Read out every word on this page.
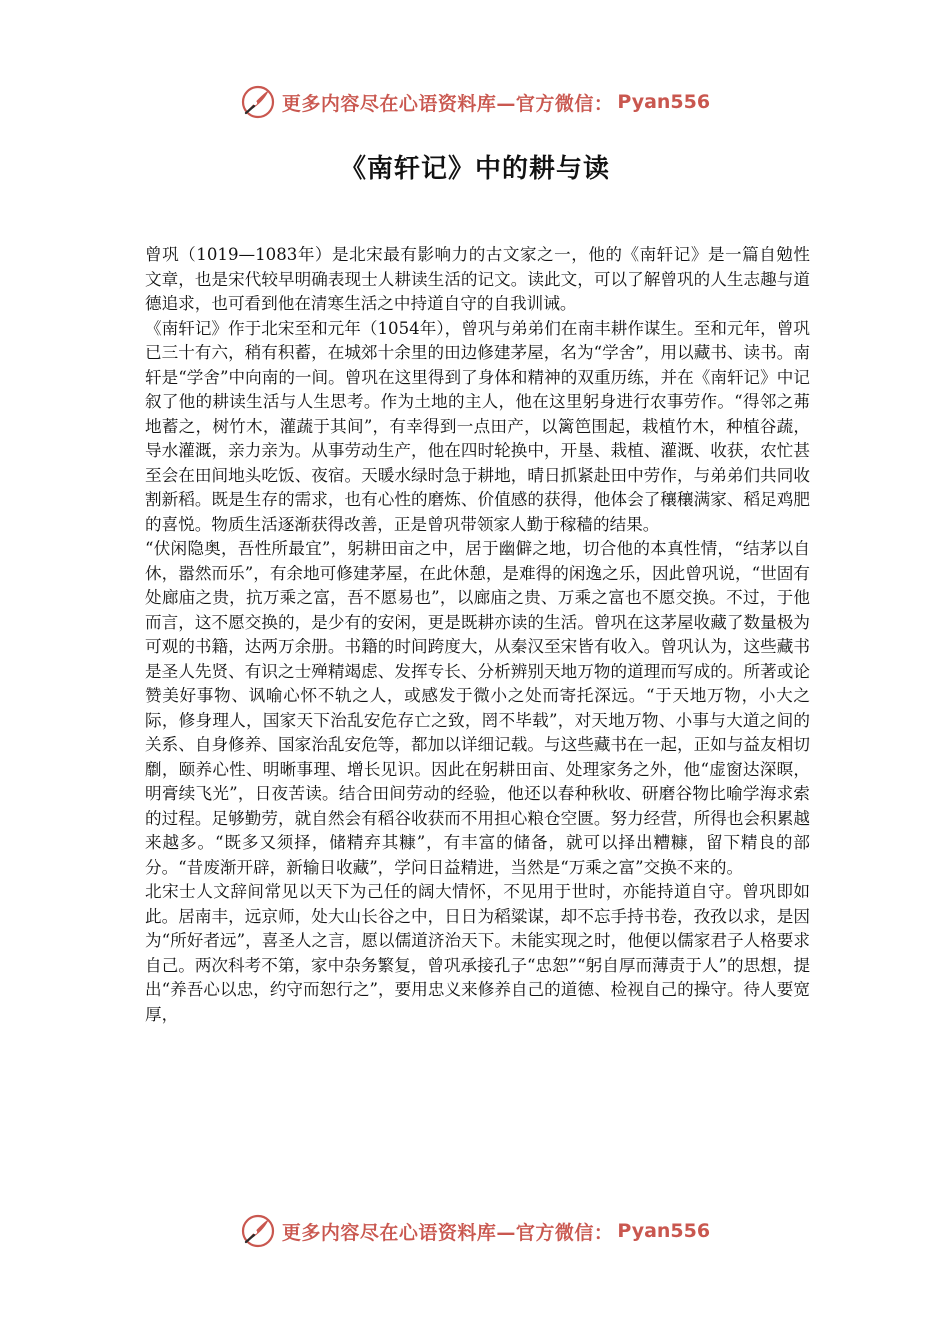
更多内容尽在心语资料库—官方微信： Pyan556
《南轩记》中的耕与读

曾巩（1019—1083年）是北宋最有影响力的古文家之一，他的《南轩记》是一篇自勉性文章，也是宋代较早明确表现士人耕读生活的记文。读此文，可以了解曾巩的人生志趣与道德追求，也可看到他在清寒生活之中持道自守的自我训诫。

《南轩记》作于北宋至和元年（1054年），曾巩与弟弟们在南丰耕作谋生。至和元年，曾巩已三十有六，稍有积蓄，在城郊十余里的田边修建茅屋，名为“学舍”，用以藏书、读书。南轩是“学舍”中向南的一间。曾巩在这里得到了身体和精神的双重历练，并在《南轩记》中记叙了他的耕读生活与人生思考。作为土地的主人，他在这里躬身进行农事劳作。“得邻之茀地蓄之，树竹木，灌蔬于其间”，有幸得到一点田产，以篱笆围起，栽植竹木，种植谷蔬，导水灌溉，亲力亲为。从事劳动生产，他在四时轮换中，开垦、栽植、灌溉、收获，农忙甚至会在田间地头吃饭、夜宿。天暖水绿时急于耕地，晴日抓紧赴田中劳作，与弟弟们共同收割新稻。既是生存的需求，也有心性的磨炼、价值感的获得，他体会了穰穰满家、稻足鸡肥的喜悦。物质生活逐渐获得改善，正是曾巩带领家人勤于稼穑的结果。

“伏闲隐奥，吾性所最宜”，躬耕田亩之中，居于幽僻之地，切合他的本真性情，“结茅以自休，嚣然而乐”，有余地可修建茅屋，在此休憩，是难得的闲逸之乐，因此曾巩说，“世固有处廊庙之贵，抗万乘之富，吾不愿易也”，以廊庙之贵、万乘之富也不愿交换。不过，于他而言，这不愿交换的，是少有的安闲，更是既耕亦读的生活。曾巩在这茅屋收藏了数量极为可观的书籍，达两万余册。书籍的时间跨度大，从秦汉至宋皆有收入。曾巩认为，这些藏书是圣人先贤、有识之士殚精竭虑、发挥专长、分析辨别天地万物的道理而写成的。所著或论赞美好事物、讽喻心怀不轨之人，或感发于微小之处而寄托深远。“于天地万物，小大之际，修身理人，国家天下治乱安危存亡之致，罔不毕载”，对天地万物、小事与大道之间的关系、自身修养、国家治乱安危等，都加以详细记载。与这些藏书在一起，正如与益友相切劘，颐养心性、明晰事理、增长见识。因此在躬耕田亩、处理家务之外，他“虚窗达深暝，明膏续飞光”，日夜苦读。结合田间劳动的经验，他还以春种秋收、研磨谷物比喻学海求索的过程。足够勤劳，就自然会有稻谷收获而不用担心粮仓空匮。努力经营，所得也会积累越来越多。“既多又须择，储精弃其糠”，有丰富的储备，就可以择出糟糠，留下精良的部分。“昔废渐开辟，新输日收藏”，学问日益精进，当然是“万乘之富”交换不来的。

北宋士人文辞间常见以天下为己任的阔大情怀，不见用于世时，亦能持道自守。曾巩即如此。居南丰，远京师，处大山长谷之中，日日为稻粱谋，却不忘手持书卷，孜孜以求，是因为“所好者远”，喜圣人之言，愿以儒道济治天下。未能实现之时，他便以儒家君子人格要求自己。两次科考不第，家中杂务繁复，曾巩承接孔子“忠恕”“躬自厚而薄责于人”的思想，提出“养吾心以忠，约守而恕行之”，要用忠义来修养自己的道德、检视自己的操守。待人要宽厚，

更多内容尽在心语资料库—官方微信： Pyan556
